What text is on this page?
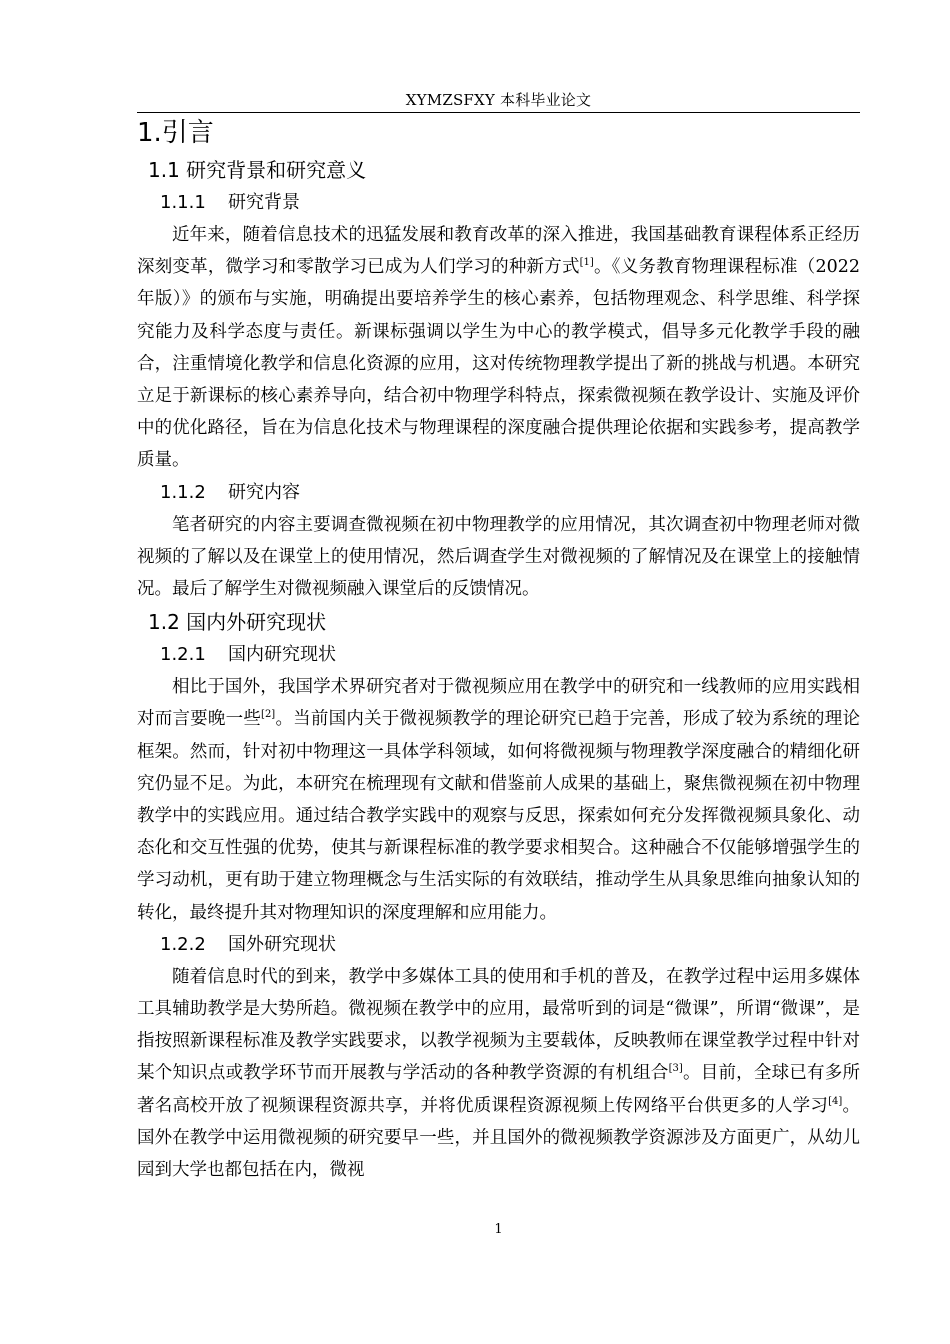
XYMZSFXY 本科毕业论文
1.引言
1.1 研究背景和研究意义
1.1.1 研究背景

近年来，随着信息技术的迅猛发展和教育改革的深入推进，我国基础教育课程体系正经历深刻变革，微学习和零散学习已成为人们学习的种新方式[1]。《义务教育物理课程标准（2022 年版）》的颁布与实施，明确提出要培养学生的核心素养，包括物理观念、科学思维、科学探究能力及科学态度与责任。新课标强调以学生为中心的教学模式，倡导多元化教学手段的融合，注重情境化教学和信息化资源的应用，这对传统物理教学提出了新的挑战与机遇。本研究立足于新课标的核心素养导向，结合初中物理学科特点，探索微视频在教学设计、实施及评价中的优化路径，旨在为信息化技术与物理课程的深度融合提供理论依据和实践参考，提高教学质量。

1.1.2 研究内容

笔者研究的内容主要调查微视频在初中物理教学的应用情况，其次调查初中物理老师对微视频的了解以及在课堂上的使用情况，然后调查学生对微视频的了解情况及在课堂上的接触情况。最后了解学生对微视频融入课堂后的反馈情况。

1.2 国内外研究现状
1.2.1 国内研究现状

相比于国外，我国学术界研究者对于微视频应用在教学中的研究和一线教师的应用实践相对而言要晚一些[2]。当前国内关于微视频教学的理论研究已趋于完善，形成了较为系统的理论框架。然而，针对初中物理这一具体学科领域，如何将微视频与物理教学深度融合的精细化研究仍显不足。为此，本研究在梳理现有文献和借鉴前人成果的基础上，聚焦微视频在初中物理教学中的实践应用。通过结合教学实践中的观察与反思，探索如何充分发挥微视频具象化、动态化和交互性强的优势，使其与新课程标准的教学要求相契合。这种融合不仅能够增强学生的学习动机，更有助于建立物理概念与生活实际的有效联结，推动学生从具象思维向抽象认知的转化，最终提升其对物理知识的深度理解和应用能力。

1.2.2 国外研究现状

随着信息时代的到来，教学中多媒体工具的使用和手机的普及，在教学过程中运用多媒体工具辅助教学是大势所趋。微视频在教学中的应用，最常听到的词是“微课”，所谓“微课”，是指按照新课程标准及教学实践要求，以教学视频为主要载体，反映教师在课堂教学过程中针对某个知识点或教学环节而开展教与学活动的各种教学资源的有机组合[3]。目前，全球已有多所著名高校开放了视频课程资源共享，并将优质课程资源视频上传网络平台供更多的人学习[4]。国外在教学中运用微视频的研究要早一些，并且国外的微视频教学资源涉及方面更广，从幼儿园到大学也都包括在内，微视

1
